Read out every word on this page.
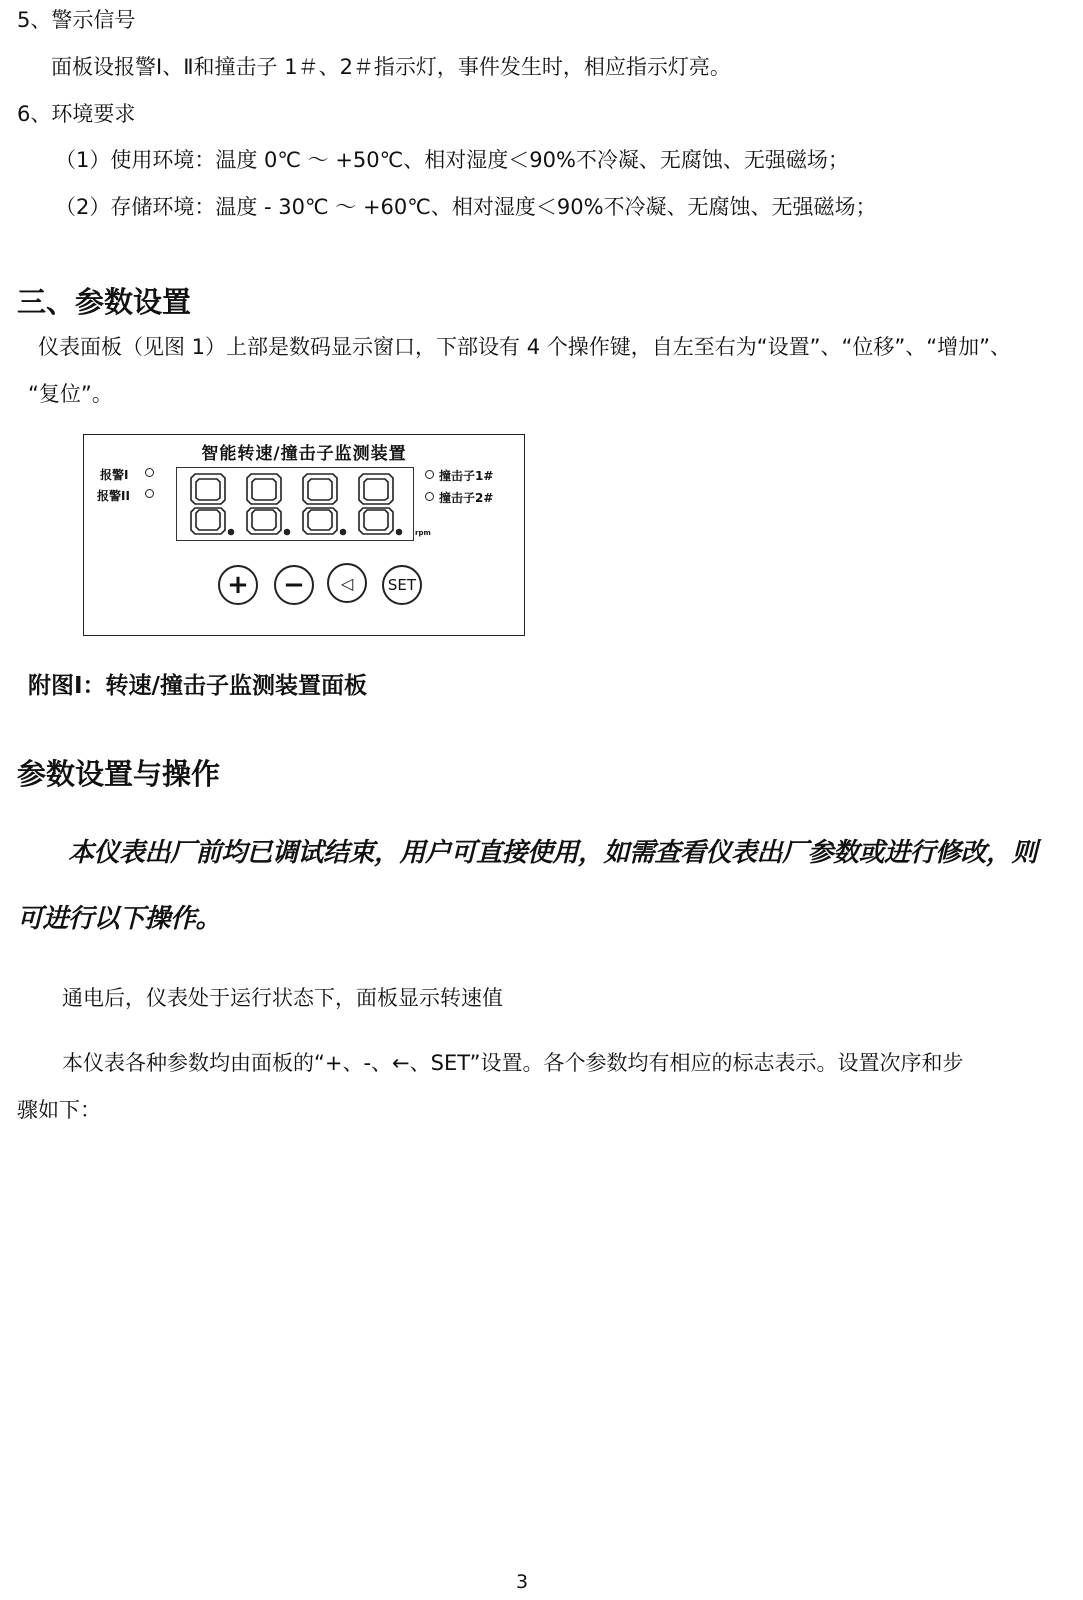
5、警示信号
面板设报警Ⅰ、Ⅱ和撞击子 1＃、2＃指示灯，事件发生时，相应指示灯亮。
6、环境要求
（1）使用环境：温度 0℃ ～ +50℃、相对湿度＜90%不冷凝、无腐蚀、无强磁场；
（2）存储环境：温度 - 30℃ ～ +60℃、相对湿度＜90%不冷凝、无腐蚀、无强磁场；
三、参数设置
仪表面板（见图 1）上部是数码显示窗口，下部设有 4 个操作键，自左至右为“设置”、“位移”、“增加”、
“复位”。
智能转速/撞击子监测装置
报警I
报警II
rpm
撞击子1#
撞击子2#
+ − ◁ SET
附图Ⅰ：转速/撞击子监测装置面板
参数设置与操作
本仪表出厂前均已调试结束，用户可直接使用，如需查看仪表出厂参数或进行修改，则
可进行以下操作。
通电后，仪表处于运行状态下，面板显示转速值
本仪表各种参数均由面板的“+、-、←、SET”设置。各个参数均有相应的标志表示。设置次序和步
骤如下：
3
